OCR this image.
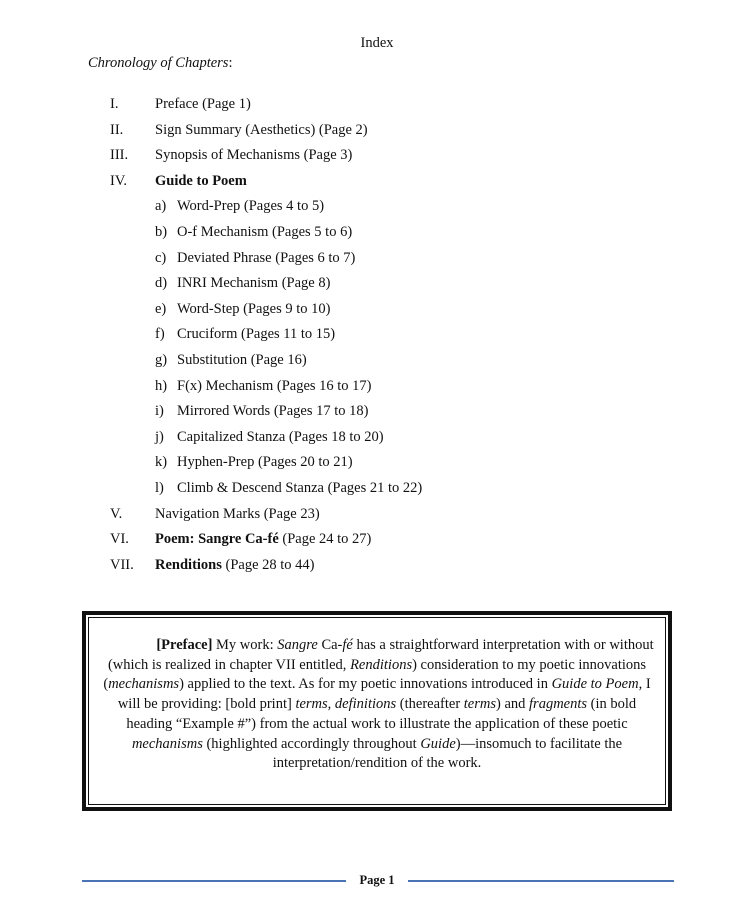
Index
Chronology of Chapters:
I.	Preface (Page 1)
II. Sign Summary (Aesthetics) (Page 2)
III. Synopsis of Mechanisms (Page 3)
IV. Guide to Poem
a) Word-Prep (Pages 4 to 5)
b) O-f Mechanism (Pages 5 to 6)
c) Deviated Phrase (Pages 6 to 7)
d) INRI Mechanism (Page 8)
e) Word-Step (Pages 9 to 10)
f) Cruciform (Pages 11 to 15)
g) Substitution (Page 16)
h) F(x) Mechanism (Pages 16 to 17)
i) Mirrored Words (Pages 17 to 18)
j) Capitalized Stanza (Pages 18 to 20)
k) Hyphen-Prep (Pages 20 to 21)
l) Climb & Descend Stanza (Pages 21 to 22)
V. Navigation Marks (Page 23)
VI. Poem: Sangre Ca-fé (Page 24 to 27)
VII. Renditions (Page 28 to 44)
[Preface] My work: Sangre Ca-fé has a straightforward interpretation with or without (which is realized in chapter VII entitled, Renditions) consideration to my poetic innovations (mechanisms) applied to the text. As for my poetic innovations introduced in Guide to Poem, I will be providing: [bold print] terms, definitions (thereafter terms) and fragments (in bold heading “Example #”) from the actual work to illustrate the application of these poetic mechanisms (highlighted accordingly throughout Guide)—insomuch to facilitate the interpretation/rendition of the work.
Page 1
